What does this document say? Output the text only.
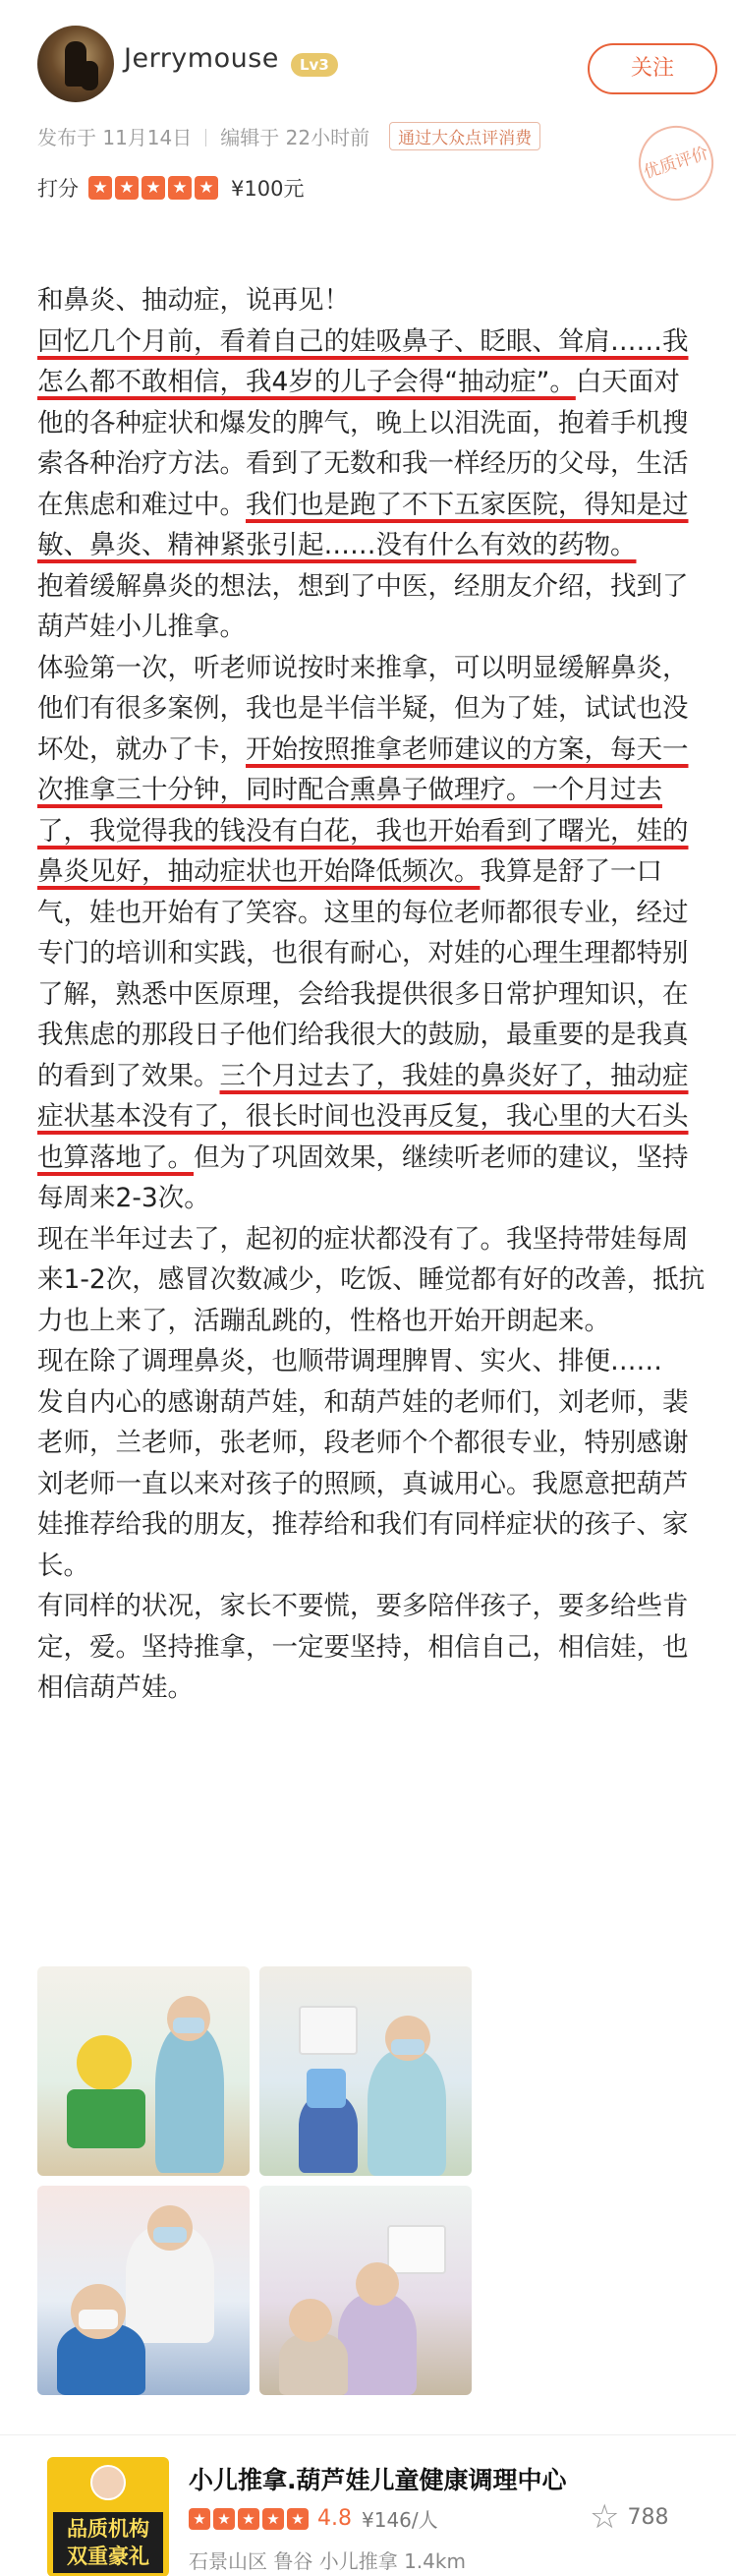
Jerrymouse	Lv3	关注
发布于 11月14日 编辑于 22小时前 通过大众点评消费
优质评价
打分 ★ ★ ★ ★ ★ ¥100元

和鼻炎、抽动症，说再见！
回忆几个月前，看着自己的娃吸鼻子、眨眼、耸肩……我怎么都不敢相信，我4岁的儿子会得“抽动症”。白天面对他的各种症状和爆发的脾气，晚上以泪洗面，抱着手机搜索各种治疗方法。看到了无数和我一样经历的父母，生活在焦虑和难过中。我们也是跑了不下五家医院，得知是过敏、鼻炎、精神紧张引起……没有什么有效的药物。

抱着缓解鼻炎的想法，想到了中医，经朋友介绍，找到了葫芦娃小儿推拿。

体验第一次，听老师说按时来推拿，可以明显缓解鼻炎，他们有很多案例，我也是半信半疑，但为了娃，试试也没坏处，就办了卡，开始按照推拿老师建议的方案，每天一次推拿三十分钟，同时配合熏鼻子做理疗。一个月过去了，我觉得我的钱没有白花，我也开始看到了曙光，娃的鼻炎见好，抽动症状也开始降低频次。我算是舒了一口气，娃也开始有了笑容。这里的每位老师都很专业，经过专门的培训和实践，也很有耐心，对娃的心理生理都特别了解，熟悉中医原理，会给我提供很多日常护理知识，在我焦虑的那段日子他们给我很大的鼓励，最重要的是我真的看到了效果。三个月过去了，我娃的鼻炎好了，抽动症症状基本没有了，很长时间也没再反复，我心里的大石头也算落地了。但为了巩固效果，继续听老师的建议，坚持每周来2-3次。

现在半年过去了，起初的症状都没有了。我坚持带娃每周来1-2次，感冒次数减少，吃饭、睡觉都有好的改善，抵抗力也上来了，活蹦乱跳的，性格也开始开朗起来。

现在除了调理鼻炎，也顺带调理脾胃、实火、排便……

发自内心的感谢葫芦娃，和葫芦娃的老师们，刘老师，裴老师，兰老师，张老师，段老师个个都很专业，特别感谢刘老师一直以来对孩子的照顾，真诚用心。我愿意把葫芦娃推荐给我的朋友，推荐给和我们有同样症状的孩子、家长。

有同样的状况，家长不要慌，要多陪伴孩子，要多给些肯定，爱。坚持推拿，一定要坚持，相信自己，相信娃，也相信葫芦娃。

品质机构
双重豪礼
小儿推拿.葫芦娃儿童健康调理中心
★ ★ ★ ★ ★ 4.8 ¥146/人
石景山区 鲁谷 小儿推拿 1.4km
☆ 788
